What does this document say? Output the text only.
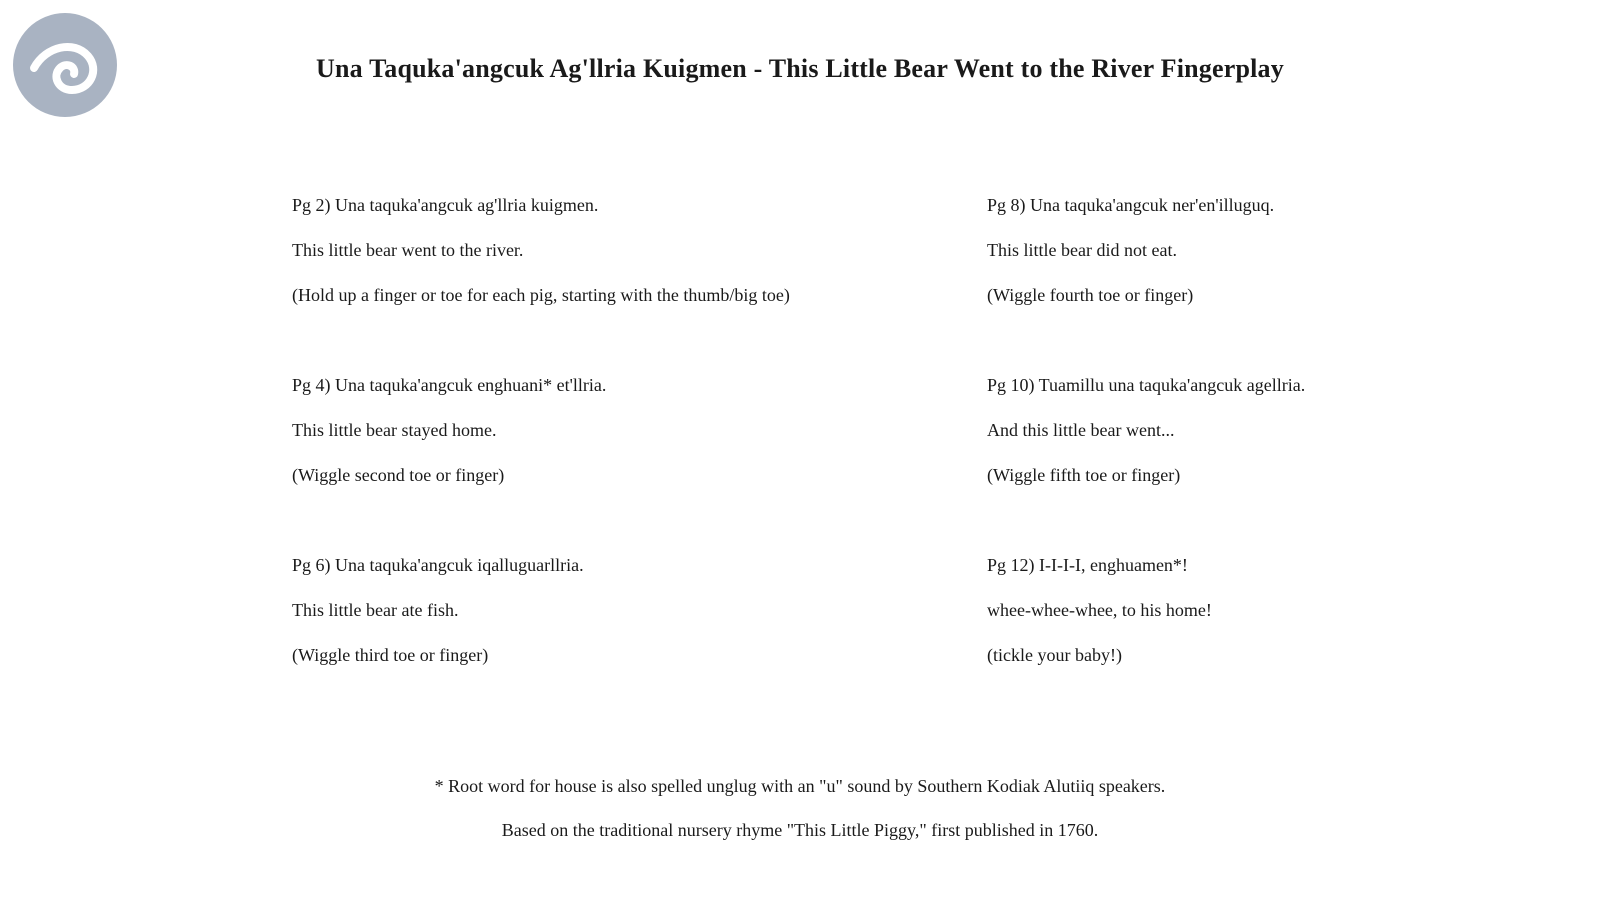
Una Taquka'angcuk Ag'llria Kuigmen - This Little Bear Went to the River Fingerplay
Pg 2) Una taquka'angcuk ag'llria kuigmen.
This little bear went to the river.
(Hold up a finger or toe for each pig, starting with the thumb/big toe)
Pg 4) Una taquka'angcuk enghuani* et'llria.
This little bear stayed home.
(Wiggle second toe or finger)
Pg 6) Una taquka'angcuk iqalluguarllria.
This little bear ate fish.
(Wiggle third toe or finger)
Pg 8) Una taquka'angcuk ner'en'illuguq.
This little bear did not eat.
(Wiggle fourth toe or finger)
Pg 10) Tuamillu una taquka'angcuk agellria.
And this little bear went...
(Wiggle fifth toe or finger)
Pg 12) I-I-I-I, enghuamen*!
whee-whee-whee, to his home!
(tickle your baby!)
* Root word for house is also spelled unglug with an "u" sound by Southern Kodiak Alutiiq speakers.
Based on the traditional nursery rhyme "This Little Piggy," first published in 1760.
